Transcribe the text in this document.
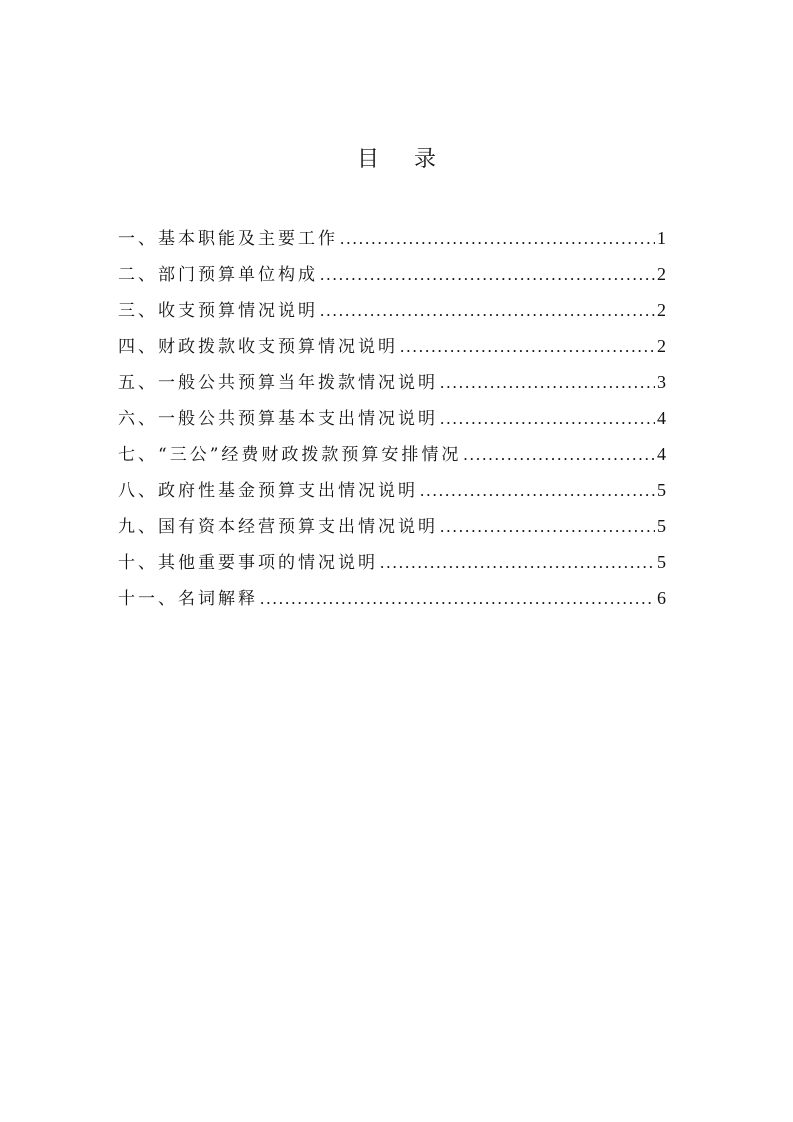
目 录
一、基本职能及主要工作 .....	1
二、部门预算单位构成 .....	2
三、收支预算情况说明 .....	2
四、财政拨款收支预算情况说明 .....	2
五、一般公共预算当年拨款情况说明 .....	3
六、一般公共预算基本支出情况说明 .....	4
七、“三公”经费财政拨款预算安排情况 .....	4
八、政府性基金预算支出情况说明 .....	5
九、国有资本经营预算支出情况说明 .....	5
十、其他重要事项的情况说明 .....	5
十一、名词解释 .....	6
